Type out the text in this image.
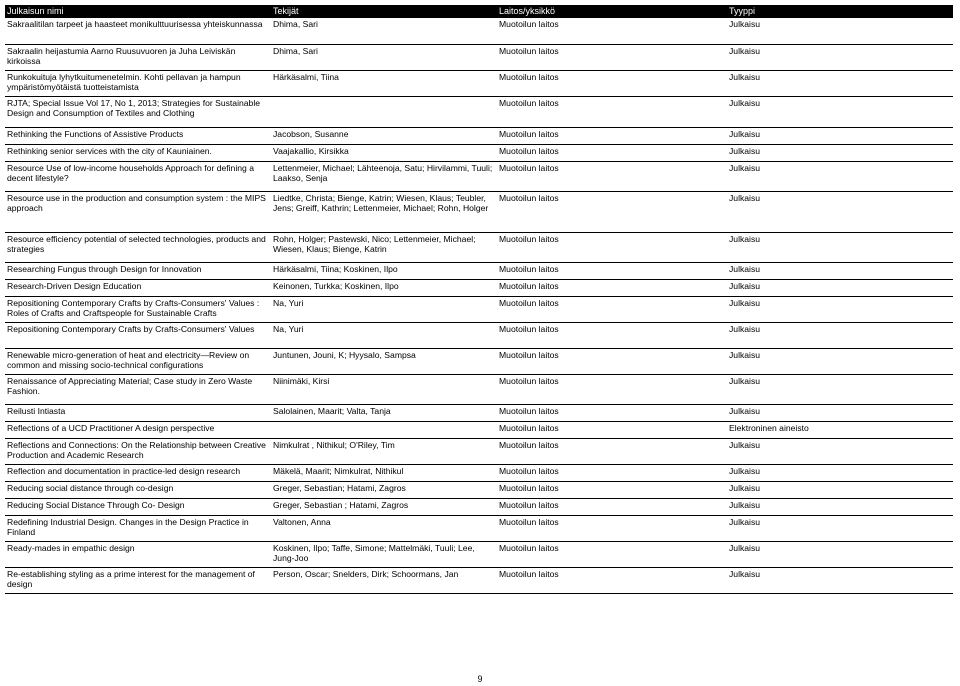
Julkaisun nimi	Tekijät	Laitos/yksikkö	Tyyppi
Sakraalitilan tarpeet ja haasteet monikulttuurisessa yhteiskunnassa	Dhima, Sari	Muotoilun laitos	Julkaisu
Sakraalin heijastumia Aarno Ruusuvuoren ja Juha Leiviskän kirkoissa	Dhima, Sari	Muotoilun laitos	Julkaisu
Runkokuituja lyhytkuitumenetelmin. Kohti pellavan ja hampun ympäristömyötäistä tuotteistamista	Härkäsalmi, Tiina	Muotoilun laitos	Julkaisu
RJTA; Special Issue Vol 17, No 1, 2013; Strategies for Sustainable Design and Consumption of Textiles and Clothing		Muotoilun laitos	Julkaisu
Rethinking the Functions of Assistive Products	Jacobson, Susanne	Muotoilun laitos	Julkaisu
Rethinking senior services with the city of Kauniainen.	Vaajakallio, Kirsikka	Muotoilun laitos	Julkaisu
Resource Use of low-income households Approach for defining a decent lifestyle?	Lettenmeier, Michael; Lähteenoja, Satu; Hirvilammi, Tuuli; Laakso, Senja	Muotoilun laitos	Julkaisu
Resource use in the production and consumption system : the MIPS approach	Liedtke, Christa; Bienge, Katrin; Wiesen, Klaus; Teubler, Jens; Greiff, Kathrin; Lettenmeier, Michael; Rohn, Holger	Muotoilun laitos	Julkaisu
Resource efficiency potential of selected technologies, products and strategies	Rohn, Holger; Pastewski, Nico; Lettenmeier, Michael; Wiesen, Klaus; Bienge, Katrin	Muotoilun laitos	Julkaisu
Researching Fungus through Design for Innovation	Härkäsalmi, Tiina; Koskinen, Ilpo	Muotoilun laitos	Julkaisu
Research-Driven Design Education	Keinonen, Turkka; Koskinen, Ilpo	Muotoilun laitos	Julkaisu
Repositioning Contemporary Crafts by Crafts-Consumers' Values : Roles of Crafts and Craftspeople for Sustainable Crafts	Na, Yuri	Muotoilun laitos	Julkaisu
Repositioning Contemporary Crafts by Crafts-Consumers' Values	Na, Yuri	Muotoilun laitos	Julkaisu
Renewable micro-generation of heat and electricity—Review on common and missing socio-technical configurations	Juntunen, Jouni, K; Hyysalo, Sampsa	Muotoilun laitos	Julkaisu
Renaissance of Appreciating Material; Case study in Zero Waste Fashion.	Niinimäki, Kirsi	Muotoilun laitos	Julkaisu
Reilusti Intiasta	Salolainen, Maarit; Valta, Tanja	Muotoilun laitos	Julkaisu
Reflections of a UCD Practitioner A design perspective		Muotoilun laitos	Elektroninen aineisto
Reflections and Connections: On the Relationship between Creative Production and Academic Research	Nimkulrat , Nithikul; O'Riley, Tim	Muotoilun laitos	Julkaisu
Reflection and documentation in practice-led design research	Mäkelä, Maarit; Nimkulrat, Nithikul	Muotoilun laitos	Julkaisu
Reducing social distance through co-design	Greger, Sebastian; Hatami, Zagros	Muotoilun laitos	Julkaisu
Reducing Social Distance Through Co- Design	Greger, Sebastian ; Hatami, Zagros	Muotoilun laitos	Julkaisu
Redefining Industrial Design. Changes in the Design Practice in Finland	Valtonen, Anna	Muotoilun laitos	Julkaisu
Ready-mades in empathic design	Koskinen, Ilpo; Taffe, Simone; Mattelmäki, Tuuli; Lee, Jung-Joo	Muotoilun laitos	Julkaisu
Re-establishing styling as a prime interest for the management of design	Person, Oscar; Snelders, Dirk; Schoormans, Jan	Muotoilun laitos	Julkaisu
9
